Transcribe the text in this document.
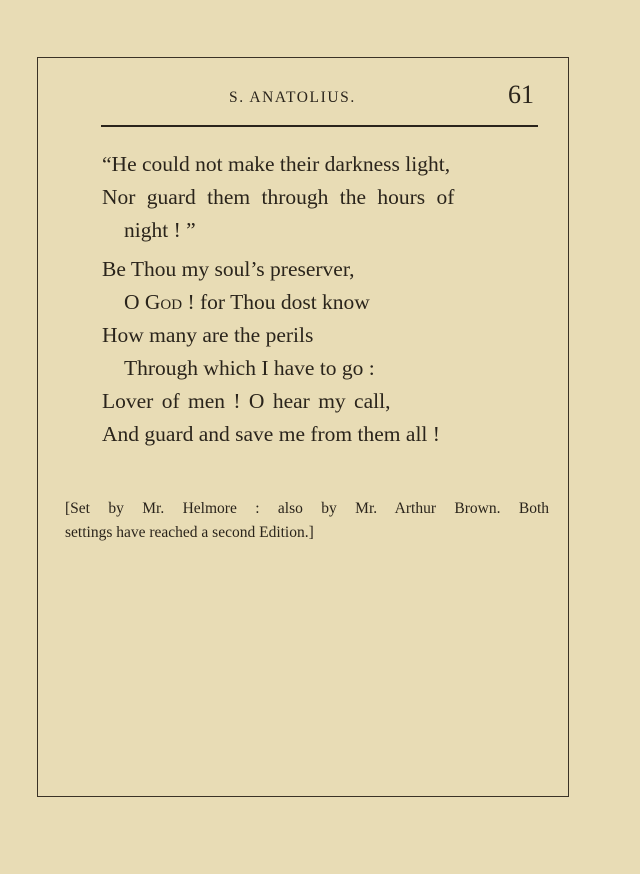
S. ANATOLIUS.	61
“He could not make their darkness light,
Nor guard them through the hours of
night ! ”
Be Thou my soul’s preserver,
O God ! for Thou dost know
How many are the perils
Through which I have to go :
Lover of men ! O hear my call,
And guard and save me from them all !
[Set by Mr. Helmore : also by Mr. Arthur Brown. Both
settings have reached a second Edition.]
